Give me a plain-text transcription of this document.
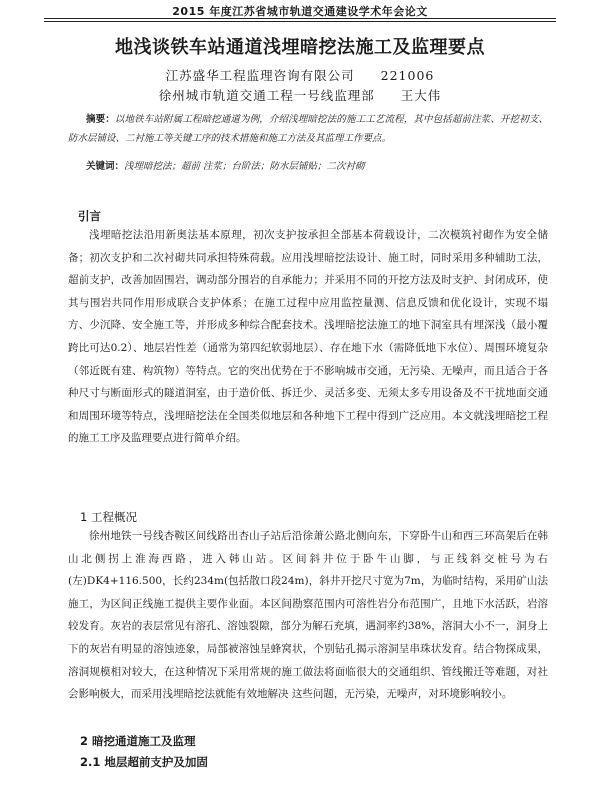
2015 年度江苏省城市轨道交通建设学术年会论文
地浅谈铁车站通道浅埋暗挖法施工及监理要点
江苏盛华工程监理咨询有限公司 221006
徐州城市轨道交通工程一号线监理部 王大伟
摘要：以地铁车站附属工程暗挖通道为例，介绍浅埋暗挖法的施工工艺流程，其中包括超前注浆、开挖初支、防水层铺设、二衬施工等关键工序的技术措施和施工方法及其监理工作要点。
关键词：浅埋暗挖法；超前 注浆；台阶法；防水层铺贴；二次衬砌
引言

浅埋暗挖法沿用新奥法基本原理，初次支护按承担全部基本荷载设计，二次模筑衬砌作为安全储备；初次支护和二次衬砌共同承担特殊荷载。应用浅埋暗挖法设计、施工时，同时采用多种辅助工法，超前支护，改善加固围岩，调动部分围岩的自承能力；并采用不同的开挖方法及时支护、封闭成环，使其与围岩共同作用形成联合支护体系；在施工过程中应用监控量测、信息反馈和优化设计，实现不塌方、少沉降、安全施工等，并形成多种综合配套技术。浅埋暗挖法施工的地下洞室具有埋深浅（最小覆跨比可达0.2）、地层岩性差（通常为第四纪软弱地层）、存在地下水（需降低地下水位）、周围环境复杂（邻近既有建、构筑物）等特点。它的突出优势在于不影响城市交通，无污染、无噪声，而且适合于各种尺寸与断面形式的隧道洞室，由于造价低、拆迁少、灵活多变、无须太多专用设备及不干扰地面交通和周围环境等特点，浅埋暗挖法在全国类似地层和各种地下工程中得到广泛应用。本文就浅埋暗挖工程的施工工序及监理要点进行简单介绍。

1 工程概况

徐州地铁一号线杏鞍区间线路出杏山子站后沿徐萧公路北侧向东，下穿卧牛山和西三环高架后在韩山北侧拐上淮海西路，进入韩山站。区间斜井位于卧牛山脚，与正线斜交桩号为右(左)DK4+116.500，长约234m(包括散口段24m)，斜井开挖尺寸宽为7m，为临时结构，采用矿山法施工，为区间正线施工提供主要作业面。本区间勘察范围内可溶性岩分布范围广，且地下水活跃，岩溶较发育。灰岩的表层常见有溶孔、溶蚀裂隙，部分为解石充填，遇洞率约38%，溶洞大小不一，洞身上下的灰岩有明显的溶蚀迹象，局部被溶蚀呈蜂窝状，个别钻孔揭示溶洞呈串珠状发育。结合物探成果，溶洞规模相对较大，在这种情况下采用常规的施工做法将面临很大的交通组织、管线搬迁等难题，对社会影响极大，而采用浅埋暗挖法就能有效地解决 这些问题，无污染，无噪声，对环境影响较小。

2 暗挖通道施工及监理
2.1 地层超前支护及加固
